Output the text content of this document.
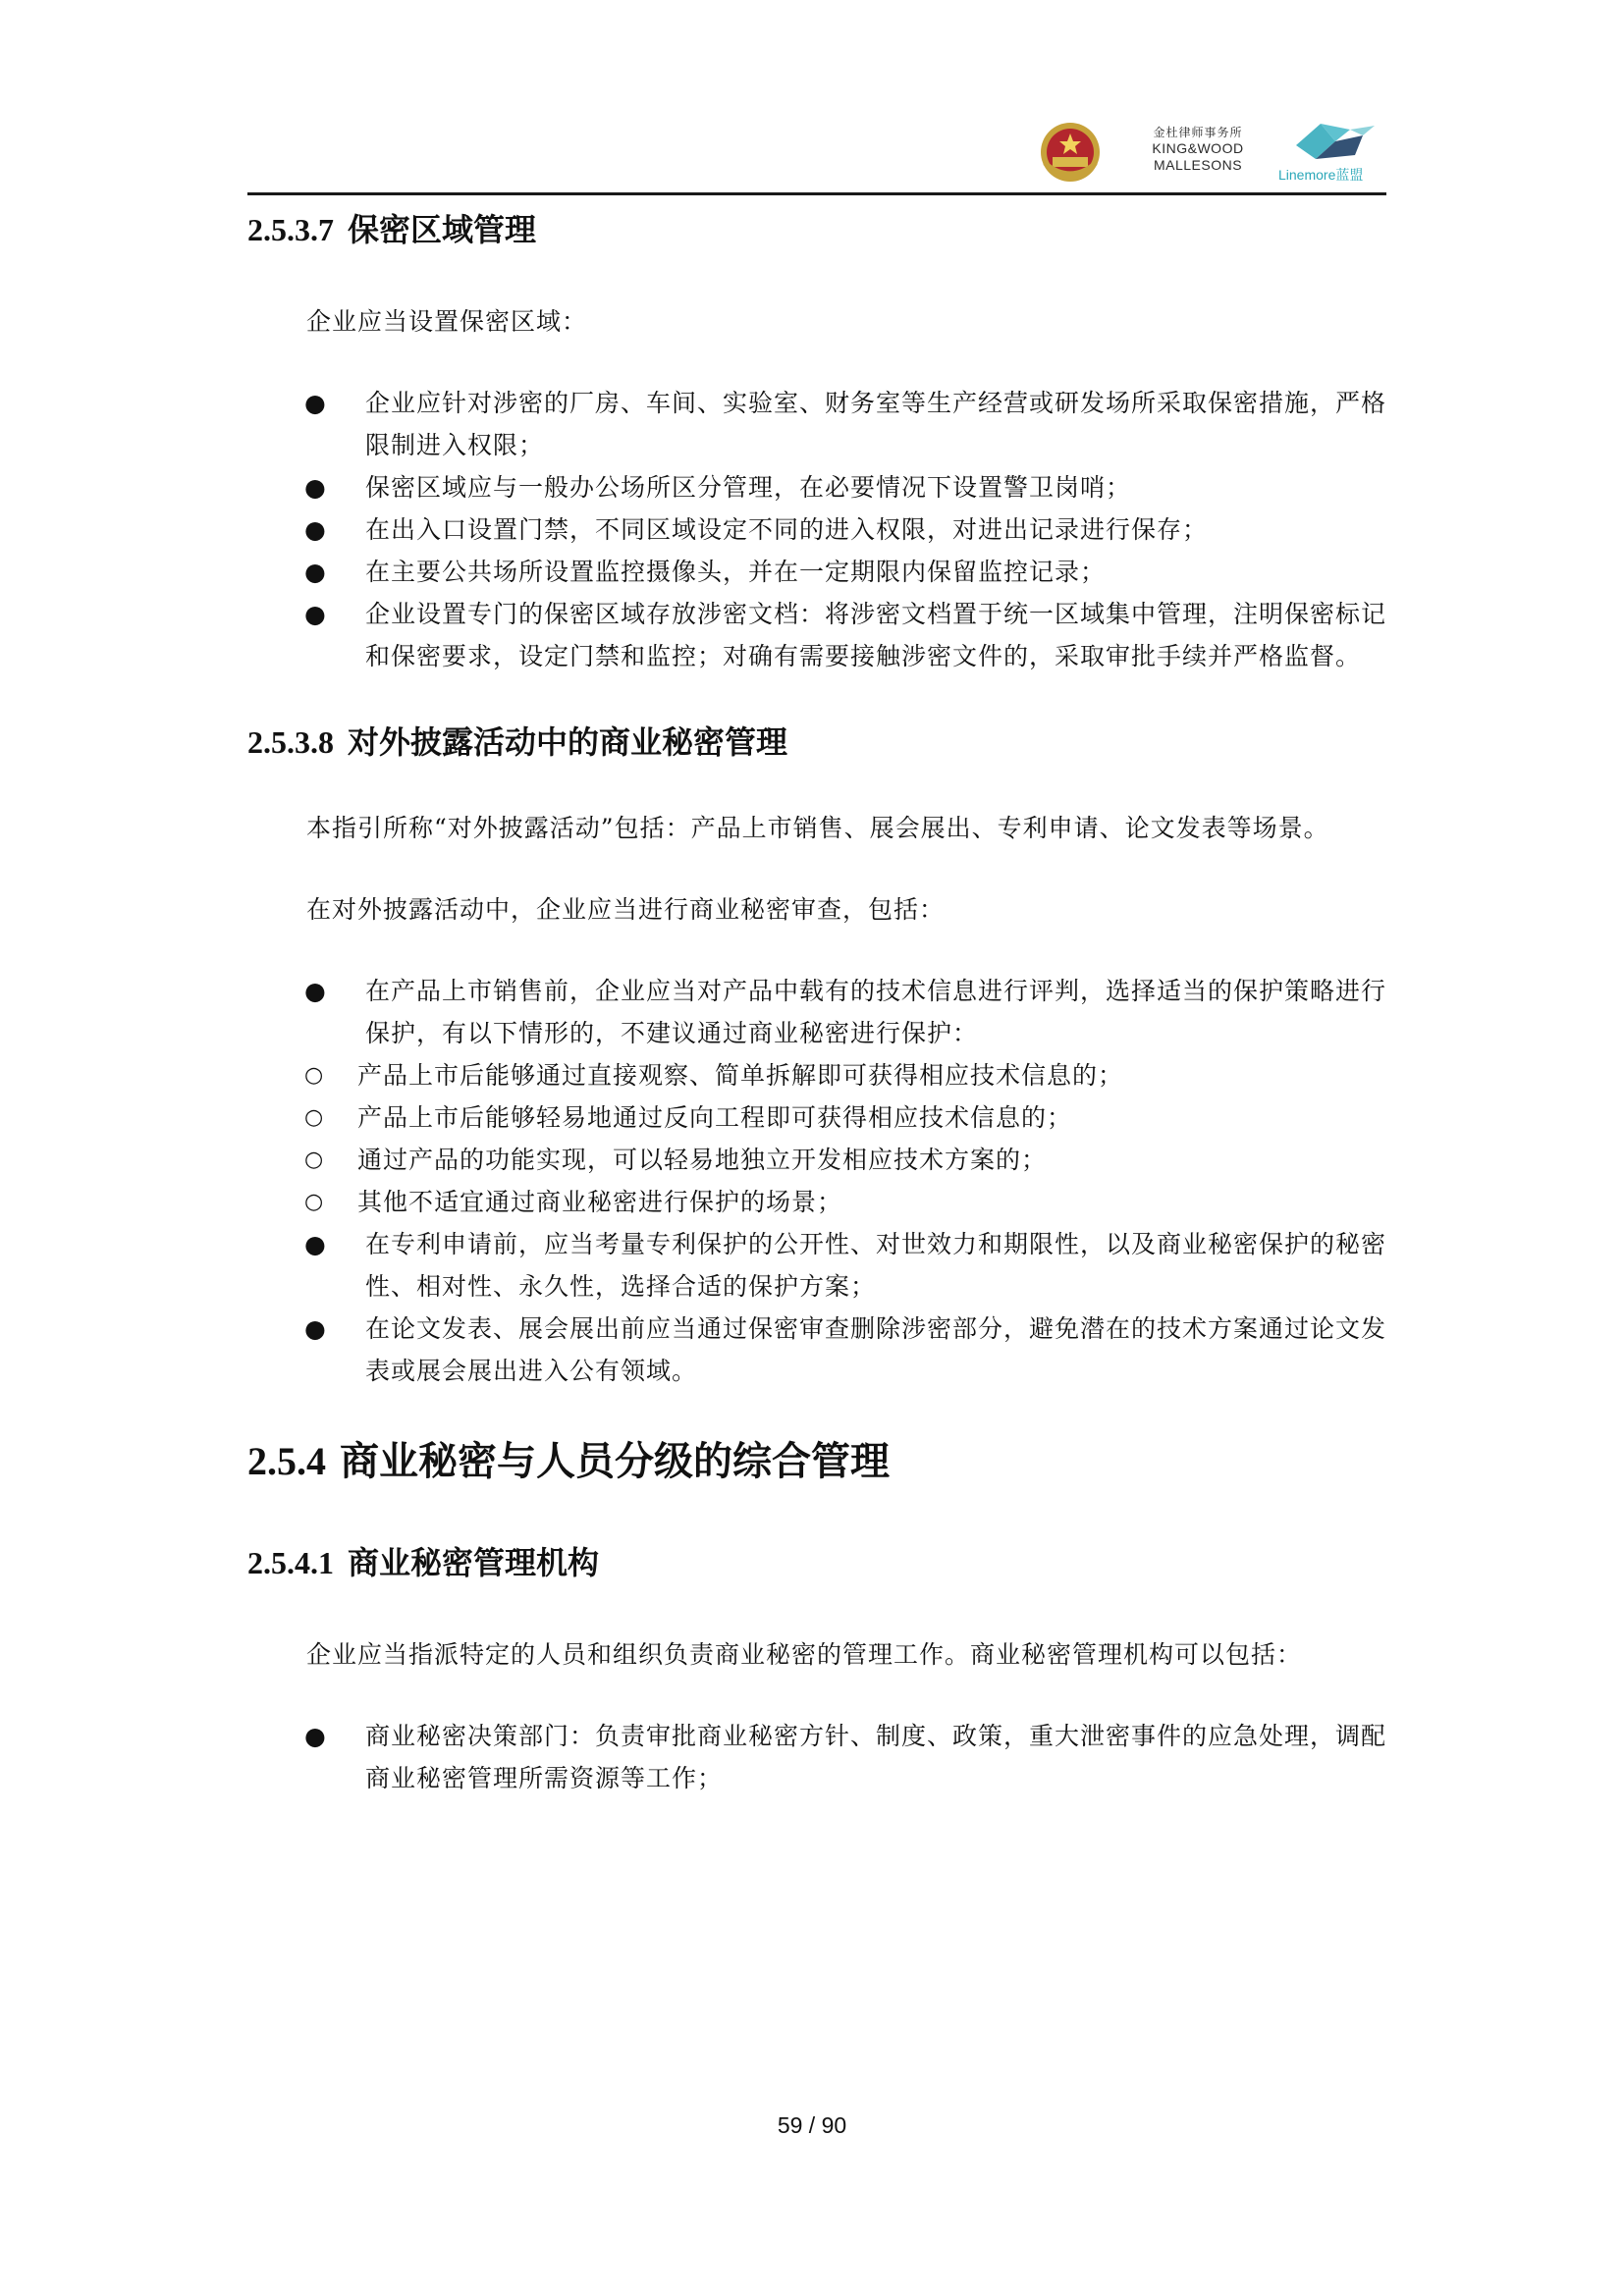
金杜律师事务所
KING&WOOD
MALLESONS
Linemore蓝盟
2.5.3.7 保密区域管理

企业应当设置保密区域：

● 企业应针对涉密的厂房、车间、实验室、财务室等生产经营或研发场所采取保密措施，严格限制进入权限；
● 保密区域应与一般办公场所区分管理，在必要情况下设置警卫岗哨；
● 在出入口设置门禁，不同区域设定不同的进入权限，对进出记录进行保存；
● 在主要公共场所设置监控摄像头，并在一定期限内保留监控记录；
● 企业设置专门的保密区域存放涉密文档：将涉密文档置于统一区域集中管理，注明保密标记和保密要求，设定门禁和监控；对确有需要接触涉密文件的，采取审批手续并严格监督。
2.5.3.8 对外披露活动中的商业秘密管理

本指引所称“对外披露活动”包括：产品上市销售、展会展出、专利申请、论文发表等场景。

在对外披露活动中，企业应当进行商业秘密审查，包括：

● 在产品上市销售前，企业应当对产品中载有的技术信息进行评判，选择适当的保护策略进行保护，有以下情形的，不建议通过商业秘密进行保护：
○ 产品上市后能够通过直接观察、简单拆解即可获得相应技术信息的；
○ 产品上市后能够轻易地通过反向工程即可获得相应技术信息的；
○ 通过产品的功能实现，可以轻易地独立开发相应技术方案的；
○ 其他不适宜通过商业秘密进行保护的场景；
● 在专利申请前，应当考量专利保护的公开性、对世效力和期限性，以及商业秘密保护的秘密性、相对性、永久性，选择合适的保护方案；
● 在论文发表、展会展出前应当通过保密审查删除涉密部分，避免潜在的技术方案通过论文发表或展会展出进入公有领域。
2.5.4 商业秘密与人员分级的综合管理
2.5.4.1 商业秘密管理机构

企业应当指派特定的人员和组织负责商业秘密的管理工作。商业秘密管理机构可以包括：

● 商业秘密决策部门：负责审批商业秘密方针、制度、政策，重大泄密事件的应急处理，调配商业秘密管理所需资源等工作；
59 / 90
